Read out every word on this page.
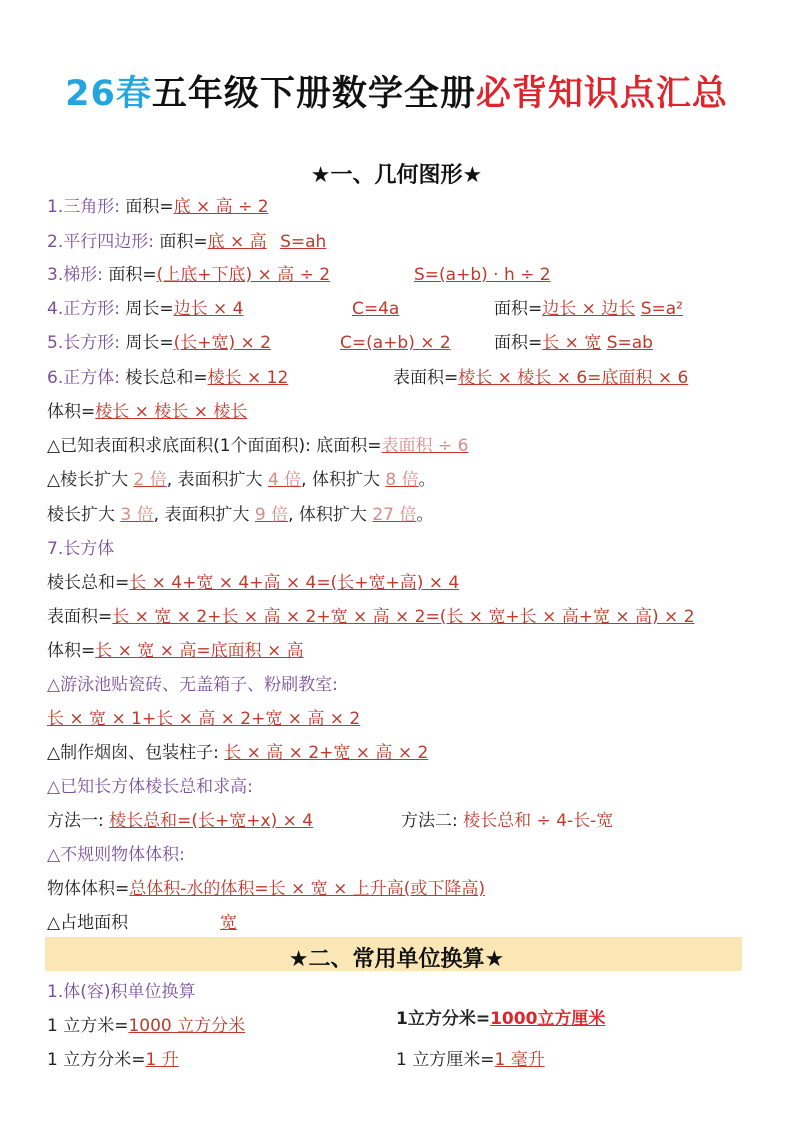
26春五年级下册数学全册必背知识点汇总
★一、几何图形★
1.三角形: 面积=底 × 高 ÷ 2
2.平行四边形: 面积=底 × 高 S=ah
3.梯形: 面积=(上底+下底) × 高 ÷ 2	S=(a+b) · h ÷ 2
4.正方形: 周长=边长 × 4	C=4a	面积=边长 × 边长 S=a²
5.长方形: 周长=(长+宽) × 2	C=(a+b) × 2	面积=长 × 宽 S=ab
6.正方体: 棱长总和=棱长 × 12	表面积=棱长 × 棱长 × 6=底面积 × 6
体积=棱长 × 棱长 × 棱长
△已知表面积求底面积(1个面面积): 底面积=表面积 ÷ 6
△棱长扩大 2 倍, 表面积扩大 4 倍, 体积扩大 8 倍。
棱长扩大 3 倍, 表面积扩大 9 倍, 体积扩大 27 倍。
7.长方体
棱长总和=长 × 4+宽 × 4+高 × 4=(长+宽+高) × 4
表面积=长 × 宽 × 2+长 × 高 × 2+宽 × 高 × 2=(长 × 宽+长 × 高+宽 × 高) × 2
体积=长 × 宽 × 高=底面积 × 高
△游泳池贴瓷砖、无盖箱子、粉刷教室:
长 × 宽 × 1+长 × 高 × 2+宽 × 高 × 2
△制作烟囱、包装柱子: 长 × 高 × 2+宽 × 高 × 2
△已知长方体棱长总和求高:
方法一: 棱长总和=(长+宽+x) × 4	方法二: 棱长总和 ÷ 4-长-宽
△不规则物体体积:
物体体积=总体积-水的体积=长 × 宽 × 上升高(或下降高)
△占地面积	宽
★二、常用单位换算★
1.体(容)积单位换算
1 立方米=1000 立方分米	1立方分米=1000立方厘米
1 立方分米=1 升	1 立方厘米=1 毫升
